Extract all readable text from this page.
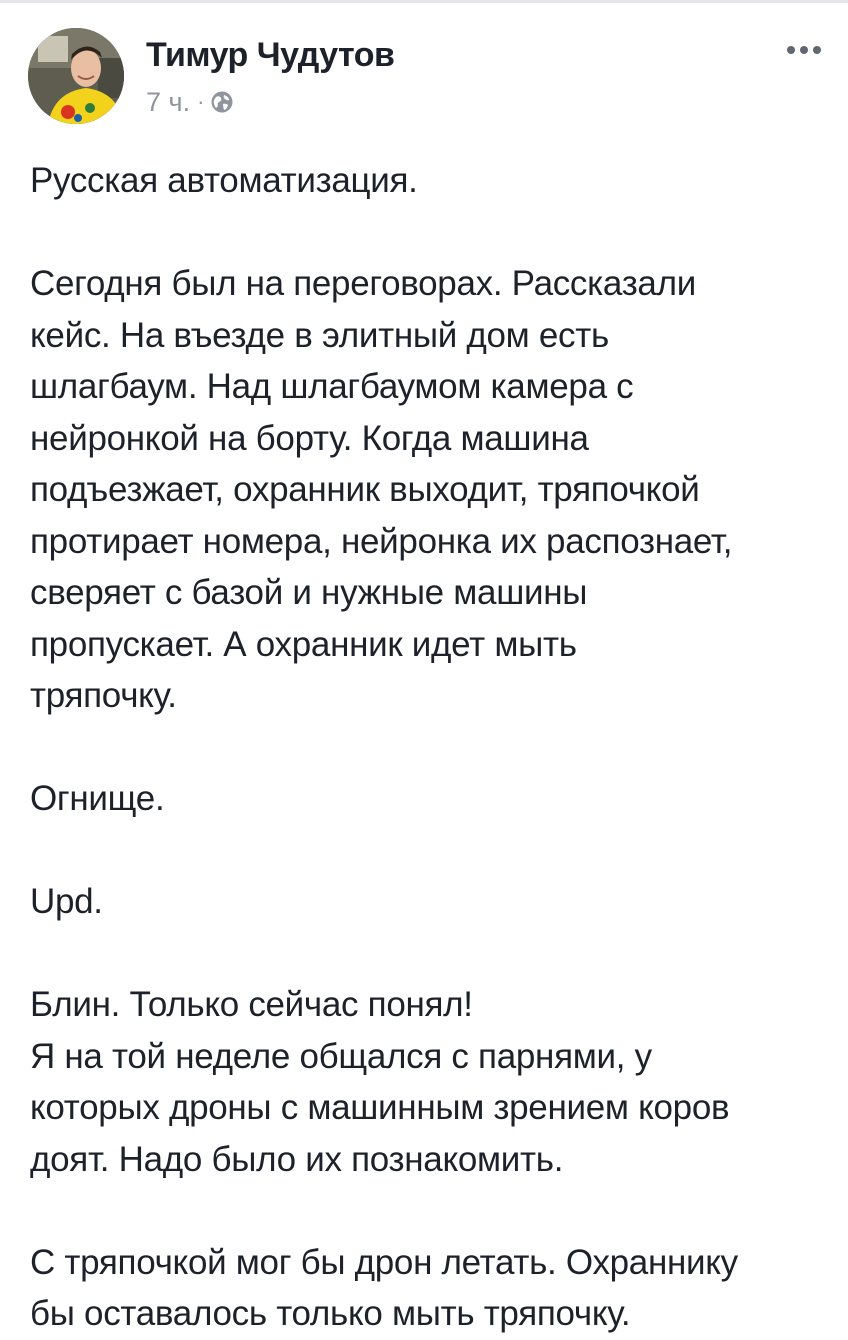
Тимур Чудутов
7 ч. ·

Русская автоматизация.

Сегодня был на переговорах. Рассказали
кейс. На въезде в элитный дом есть
шлагбаум. Над шлагбаумом камера с
нейронкой на борту. Когда машина
подъезжает, охранник выходит, тряпочкой
протирает номера, нейронка их распознает,
сверяет с базой и нужные машины
пропускает. А охранник идет мыть
тряпочку.

Огнище.

Upd.

Блин. Только сейчас понял!
Я на той неделе общался с парнями, у
которых дроны с машинным зрением коров
доят. Надо было их познакомить.

С тряпочкой мог бы дрон летать. Охраннику
бы оставалось только мыть тряпочку.
